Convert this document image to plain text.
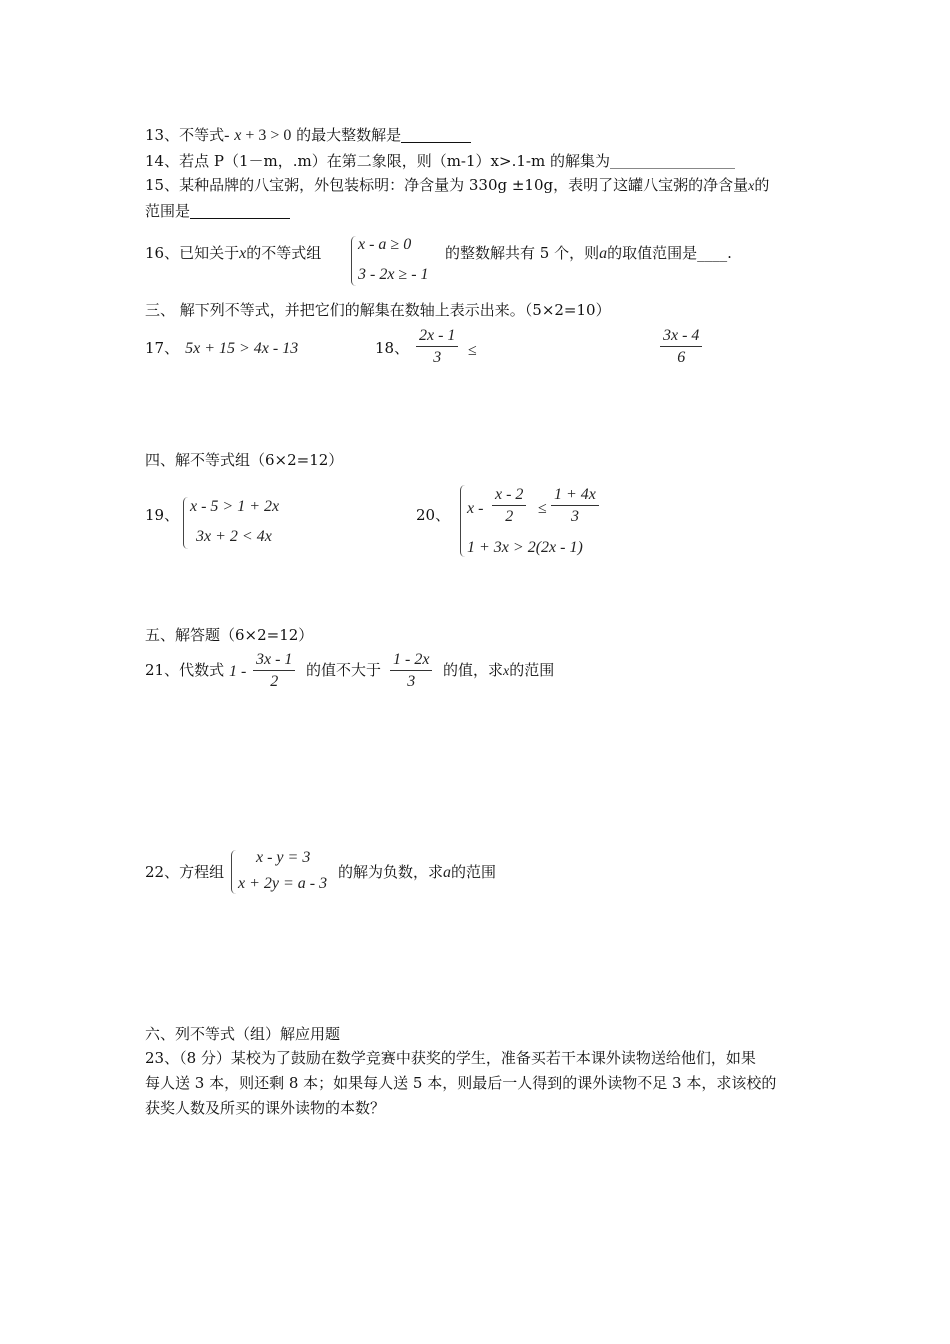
13、不等式- x + 3 > 0 的最大整数解是
14、若点 P（1－m，.m）在第二象限，则（m-1）x>.1-m 的解集为
15、某种品牌的八宝粥，外包装标明：净含量为 330g ±10g，表明了这罐八宝粥的净含量x的
范围是
16、已知关于x的不等式组 x - a ≥ 0
3 - 2x ≥ - 1
的整数解共有 5 个，则a的取值范围是____.
三、 解下列不等式，并把它们的解集在数轴上表示出来。（5×2=10）
17、 5x + 15 > 4x - 13	18、 $\frac{2x - 1}{3}$ ≤	$\frac{3x - 4}{6}$
四、解不等式组（6×2=12）
19、 x - 5 > 1 + 2x
3x + 2 < 4x
20、 $x - \frac{x - 2}{2} \le \frac{1 + 4x}{3}$
1 + 3x > 2(2x - 1)
五、解答题（6×2=12）
21、代数式 $1 - \frac{3x - 1}{2}$ 的值不大于 $\frac{1 - 2x}{3}$ 的值，求x的范围
22、方程组
x - y = 3
x + 2y = a - 3
的解为负数，求a的范围
六、列不等式（组）解应用题
23、（8 分）某校为了鼓励在数学竞赛中获奖的学生，准备买若干本课外读物送给他们，如果
每人送 3 本，则还剩 8 本；如果每人送 5 本，则最后一人得到的课外读物不足 3 本，求该校的
获奖人数及所买的课外读物的本数？
